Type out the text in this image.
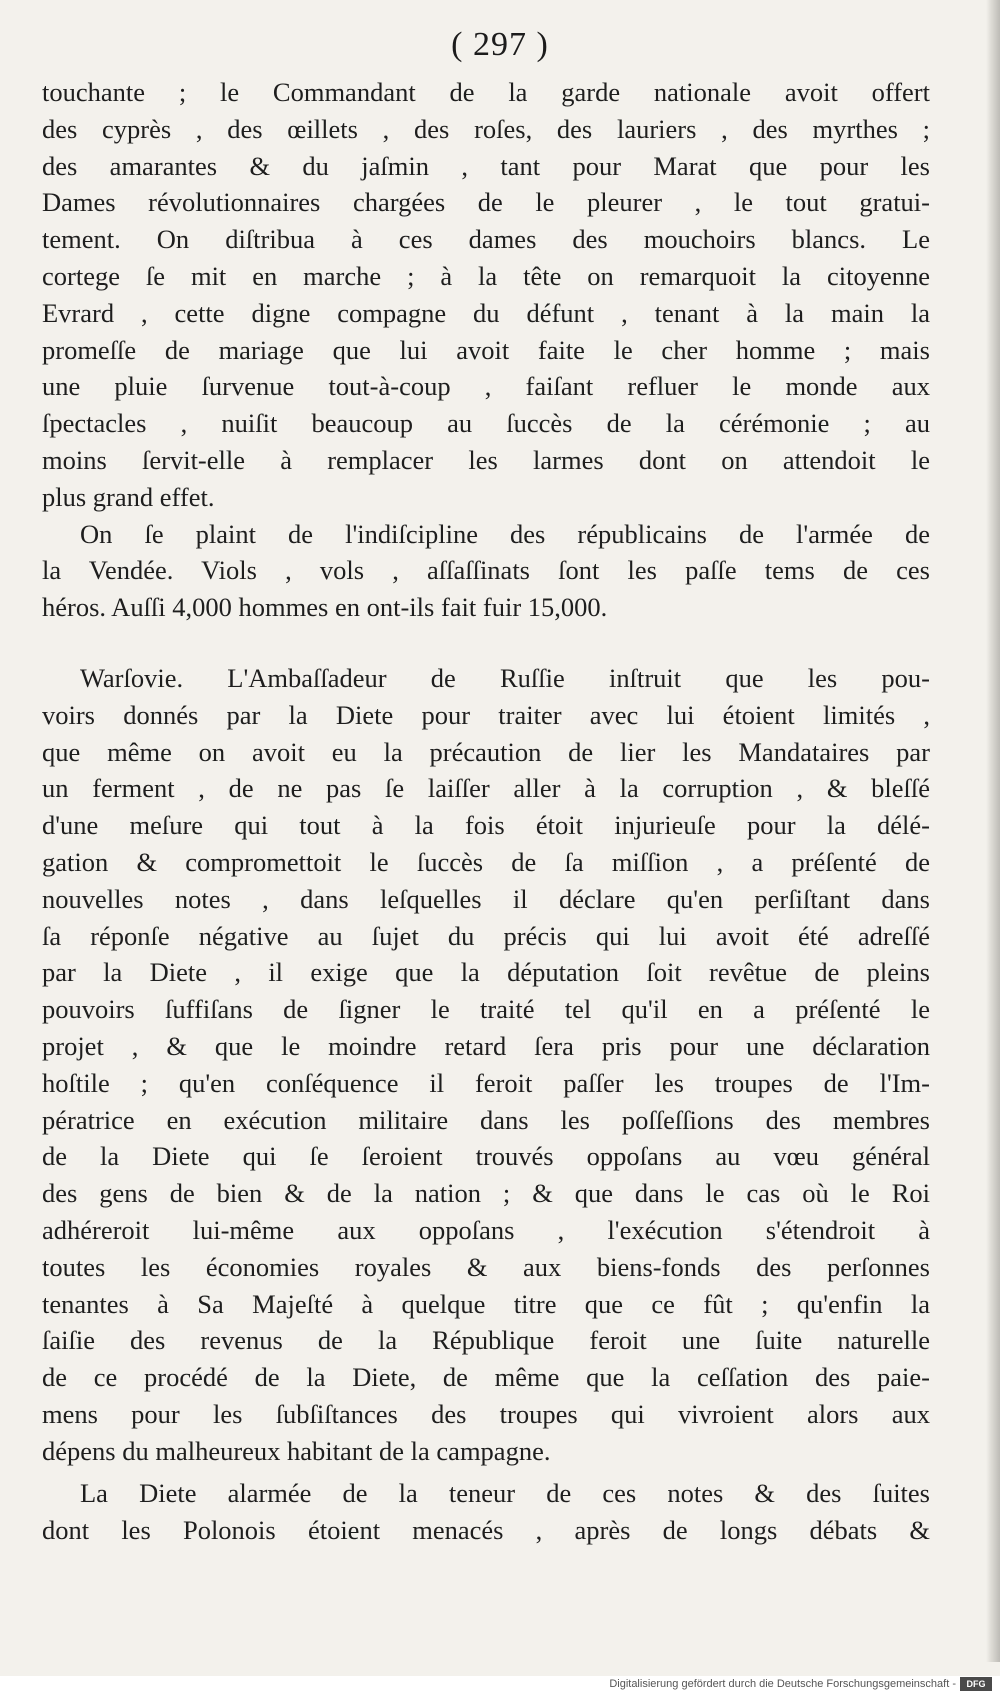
( 297 )
touchante ; le Commandant de la garde nationale avoit offert
des cyprès , des œillets , des roſes, des lauriers , des myrthes ;
des amarantes & du jaſmin , tant pour Marat que pour les
Dames révolutionnaires chargées de le pleurer , le tout gratui-
tement. On diſtribua à ces dames des mouchoirs blancs. Le
cortege ſe mit en marche ; à la tête on remarquoit la citoyenne
Evrard , cette digne compagne du défunt , tenant à la main la
promeſſe de mariage que lui avoit faite le cher homme ; mais
une pluie ſurvenue tout-à-coup , faiſant refluer le monde aux
ſpectacles , nuiſit beaucoup au ſuccès de la cérémonie ; au
moins ſervit-elle à remplacer les larmes dont on attendoit le
plus grand effet.
On ſe plaint de l'indiſcipline des républicains de l'armée de
la Vendée. Viols , vols , aſſaſſinats ſont les paſſe tems de ces
héros. Auſſi 4,000 hommes en ont-ils fait fuir 15,000.
Warſovie. L'Ambaſſadeur de Ruſſie inſtruit que les pou-
voirs donnés par la Diete pour traiter avec lui étoient limités ,
que même on avoit eu la précaution de lier les Mandataires par
un ferment , de ne pas ſe laiſſer aller à la corruption , & bleſſé
d'une meſure qui tout à la fois étoit injurieuſe pour la délé-
gation & compromettoit le ſuccès de ſa miſſion , a préſenté de
nouvelles notes , dans leſquelles il déclare qu'en perſiſtant dans
ſa réponſe négative au ſujet du précis qui lui avoit été adreſſé
par la Diete , il exige que la députation ſoit revêtue de pleins
pouvoirs ſuffiſans de ſigner le traité tel qu'il en a préſenté le
projet , & que le moindre retard ſera pris pour une déclaration
hoſtile ; qu'en conſéquence il feroit paſſer les troupes de l'Im-
pératrice en exécution militaire dans les poſſeſſions des membres
de la Diete qui ſe ſeroient trouvés oppoſans au vœu général
des gens de bien & de la nation ; & que dans le cas où le Roi
adhéreroit lui-même aux oppoſans , l'exécution s'étendroit à
toutes les économies royales & aux biens-fonds des perſonnes
tenantes à Sa Majeſté à quelque titre que ce fût ; qu'enfin la
ſaiſie des revenus de la République feroit une ſuite naturelle
de ce procédé de la Diete, de même que la ceſſation des paie-
mens pour les ſubſiſtances des troupes qui vivroient alors aux
dépens du malheureux habitant de la campagne.
La Diete alarmée de la teneur de ces notes & des ſuites
dont les Polonois étoient menacés , après de longs débats &
Digitalisierung gefördert durch die Deutsche Forschungsgemeinschaft -	DFG
